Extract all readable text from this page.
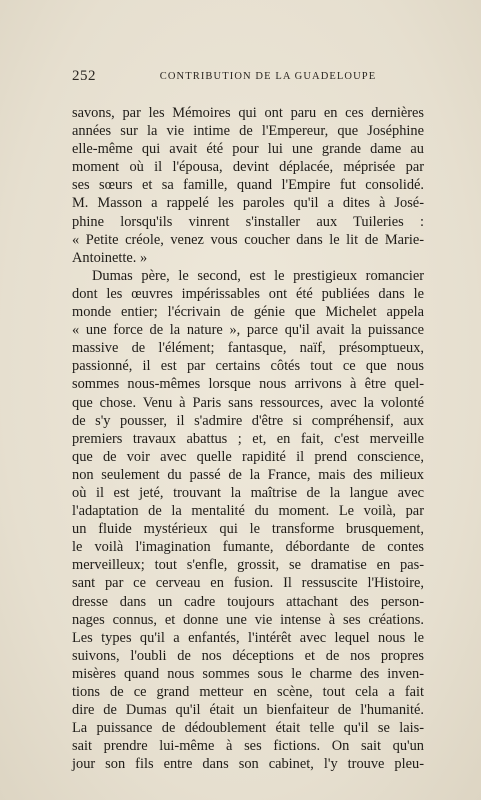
252	CONTRIBUTION DE LA GUADELOUPE
savons, par les Mémoires qui ont paru en ces dernières
années sur la vie intime de l'Empereur, que Joséphine
elle-même qui avait été pour lui une grande dame au
moment où il l'épousa, devint déplacée, méprisée par
ses sœurs et sa famille, quand l'Empire fut consolidé.
M. Masson a rappelé les paroles qu'il a dites à José-
phine lorsqu'ils vinrent s'installer aux Tuileries :
« Petite créole, venez vous coucher dans le lit de Marie-
Antoinette. »
Dumas père, le second, est le prestigieux romancier
dont les œuvres impérissables ont été publiées dans le
monde entier; l'écrivain de génie que Michelet appela
« une force de la nature », parce qu'il avait la puissance
massive de l'élément; fantasque, naïf, présomptueux,
passionné, il est par certains côtés tout ce que nous
sommes nous-mêmes lorsque nous arrivons à être quel-
que chose. Venu à Paris sans ressources, avec la volonté
de s'y pousser, il s'admire d'être si compréhensif, aux
premiers travaux abattus ; et, en fait, c'est merveille
que de voir avec quelle rapidité il prend conscience,
non seulement du passé de la France, mais des milieux
où il est jeté, trouvant la maîtrise de la langue avec
l'adaptation de la mentalité du moment. Le voilà, par
un fluide mystérieux qui le transforme brusquement,
le voilà l'imagination fumante, débordante de contes
merveilleux; tout s'enfle, grossit, se dramatise en pas-
sant par ce cerveau en fusion. Il ressuscite l'Histoire,
dresse dans un cadre toujours attachant des person-
nages connus, et donne une vie intense à ses créations.
Les types qu'il a enfantés, l'intérêt avec lequel nous le
suivons, l'oubli de nos déceptions et de nos propres
misères quand nous sommes sous le charme des inven-
tions de ce grand metteur en scène, tout cela a fait
dire de Dumas qu'il était un bienfaiteur de l'humanité.
La puissance de dédoublement était telle qu'il se lais-
sait prendre lui-même à ses fictions. On sait qu'un
jour son fils entre dans son cabinet, l'y trouve pleu-
